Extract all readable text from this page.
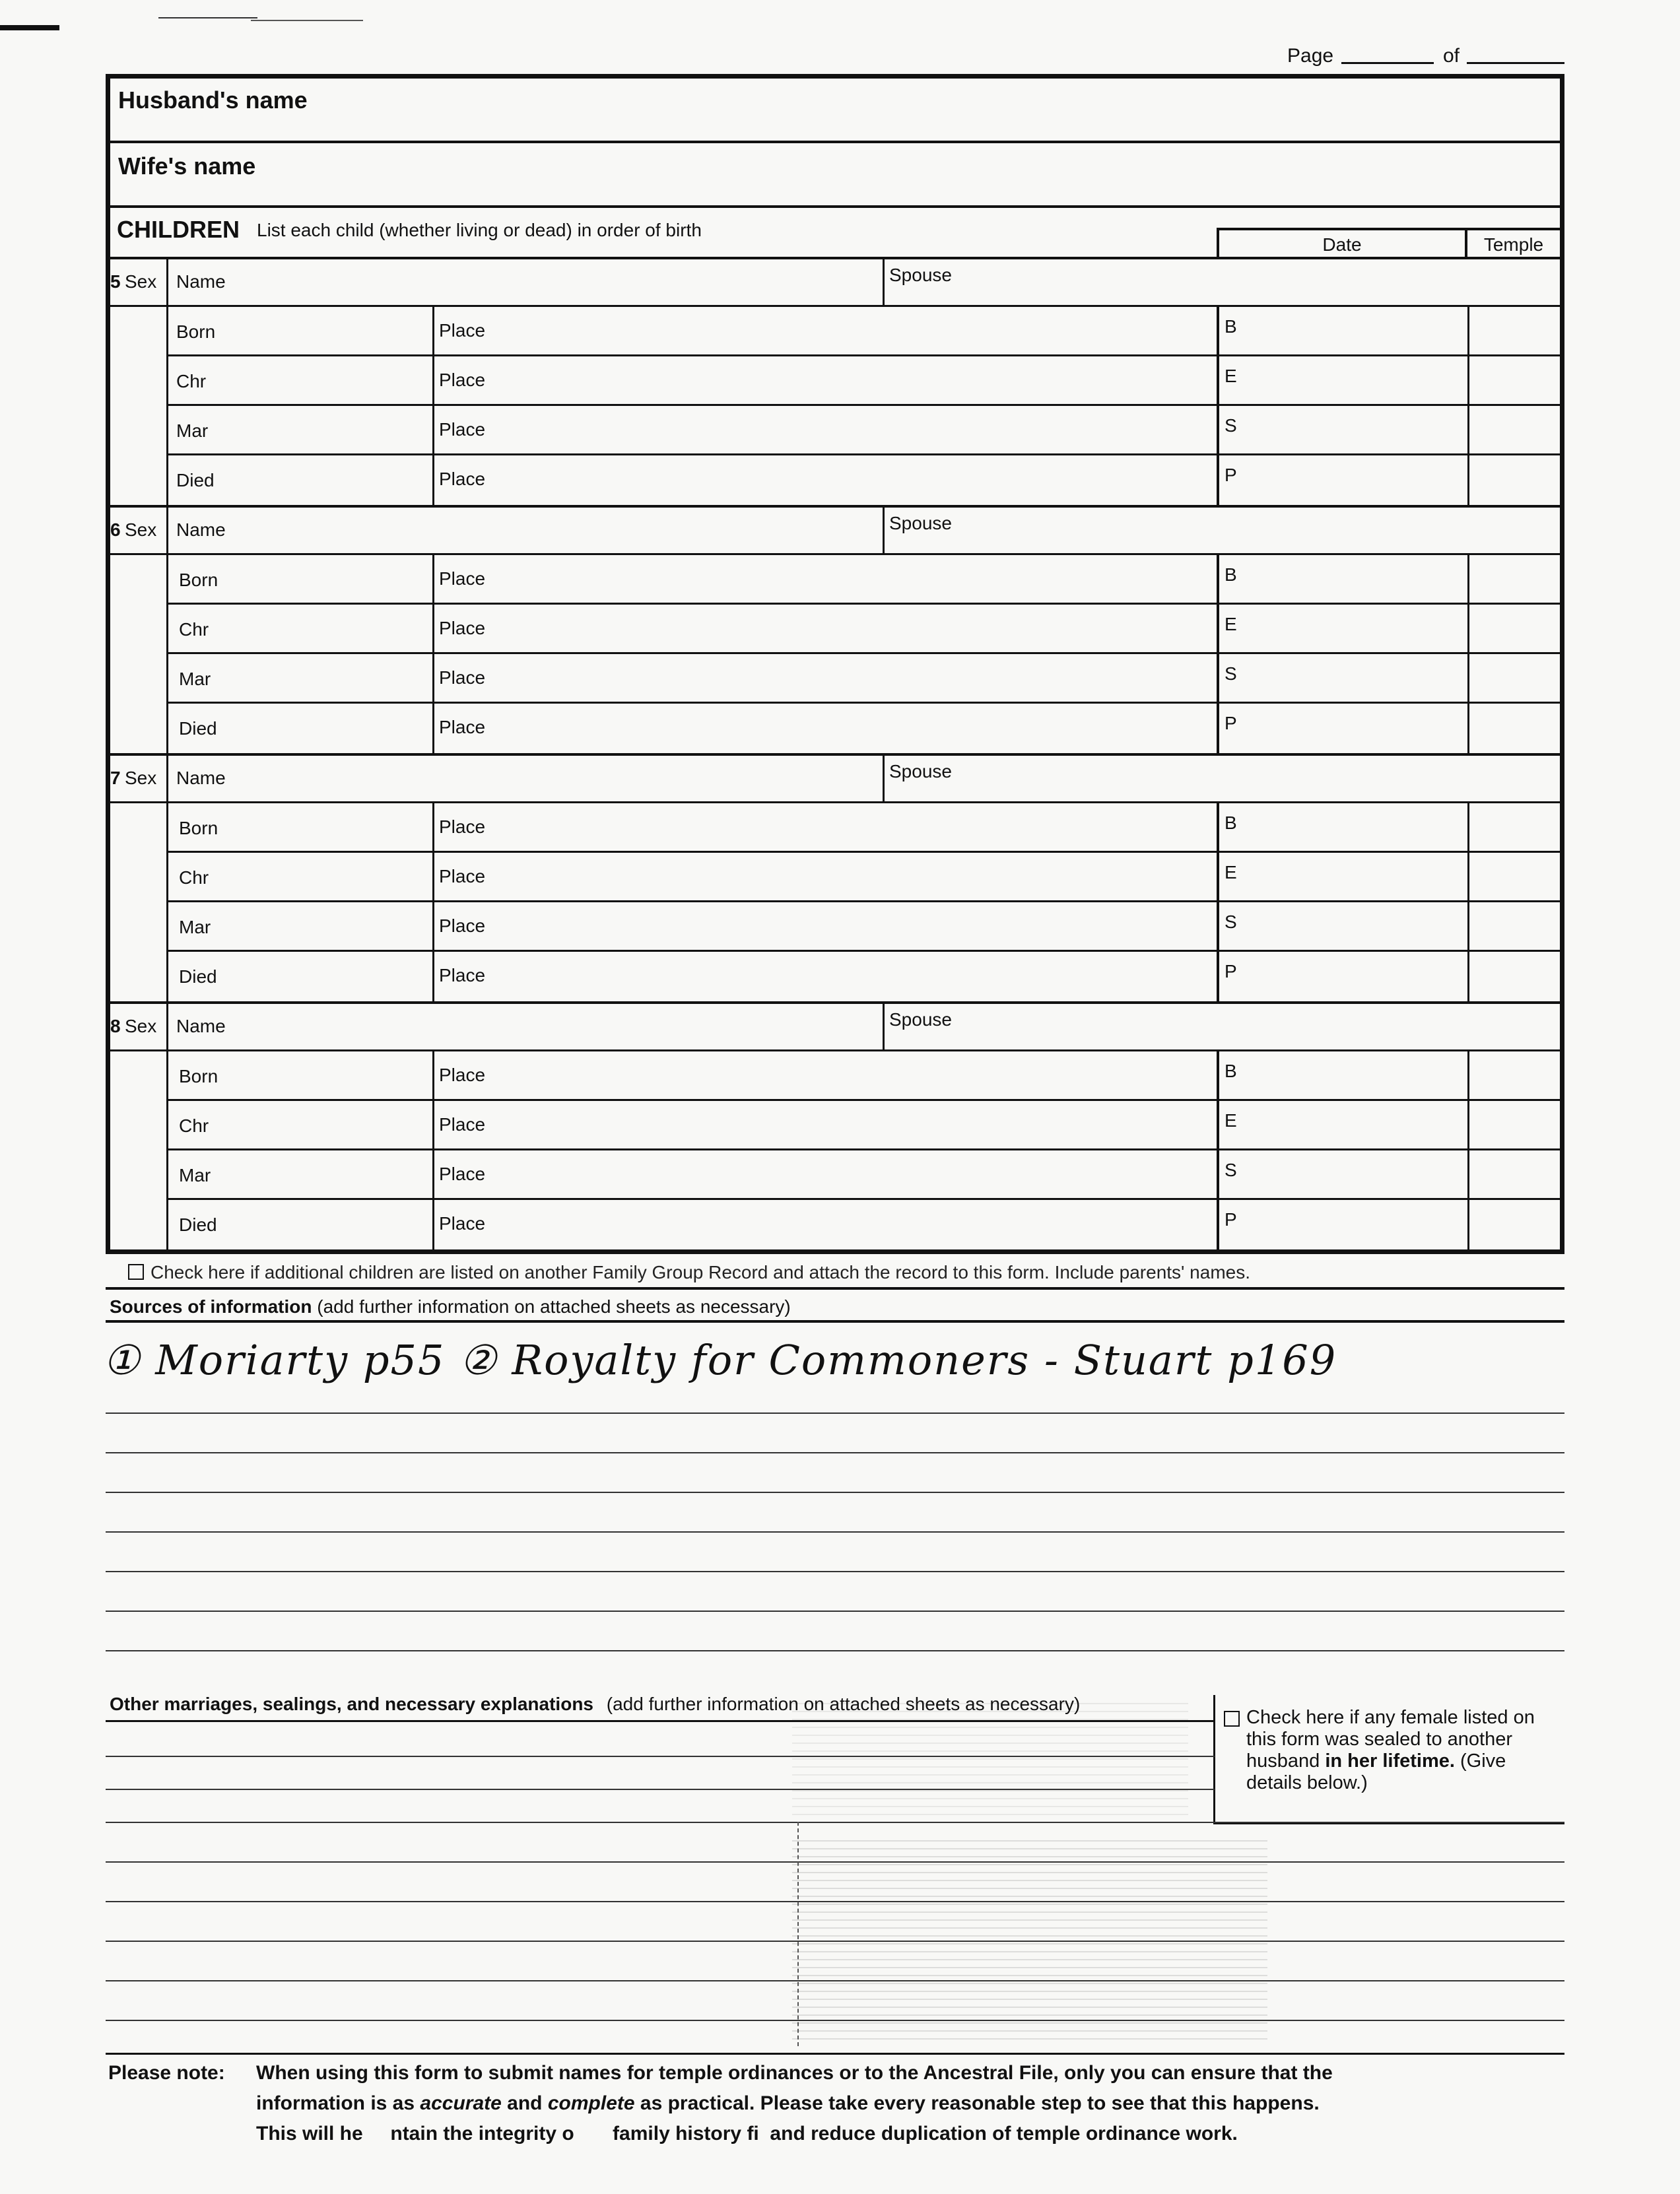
Page	of
Husband's name
Wife's name
CHILDREN List each child (whether living or dead) in order of birth
Date	Temple
5 Sex Name	Spouse
Born	Place	B
Chr	Place	E
Mar	Place	S
Died	Place	P
6 Sex Name	Spouse
Born	Place	B
Chr	Place	E
Mar	Place	S
Died	Place	P
7 Sex Name	Spouse
Born	Place	B
Chr	Place	E
Mar	Place	S
Died	Place	P
8 Sex Name	Spouse
Born	Place	B
Chr	Place	E
Mar	Place	S
Died	Place	P
Check here if additional children are listed on another Family Group Record and attach the record to this form. Include parents' names.
Sources of information (add further information on attached sheets as necessary)
① Moriarty p55 ② Royalty for Commoners - Stuart p169
Other marriages, sealings, and necessary explanations (add further information on attached sheets as necessary)
Check here if any female listed on this form was sealed to another husband in her lifetime. (Give details below.)
Please note: When using this form to submit names for temple ordinances or to the Ancestral File, only you can ensure that the
information is as accurate and complete as practical. Please take every reasonable step to see that this happens.
This will he     ntain the integrity o       family history fi  and reduce duplication of temple ordinance work.
